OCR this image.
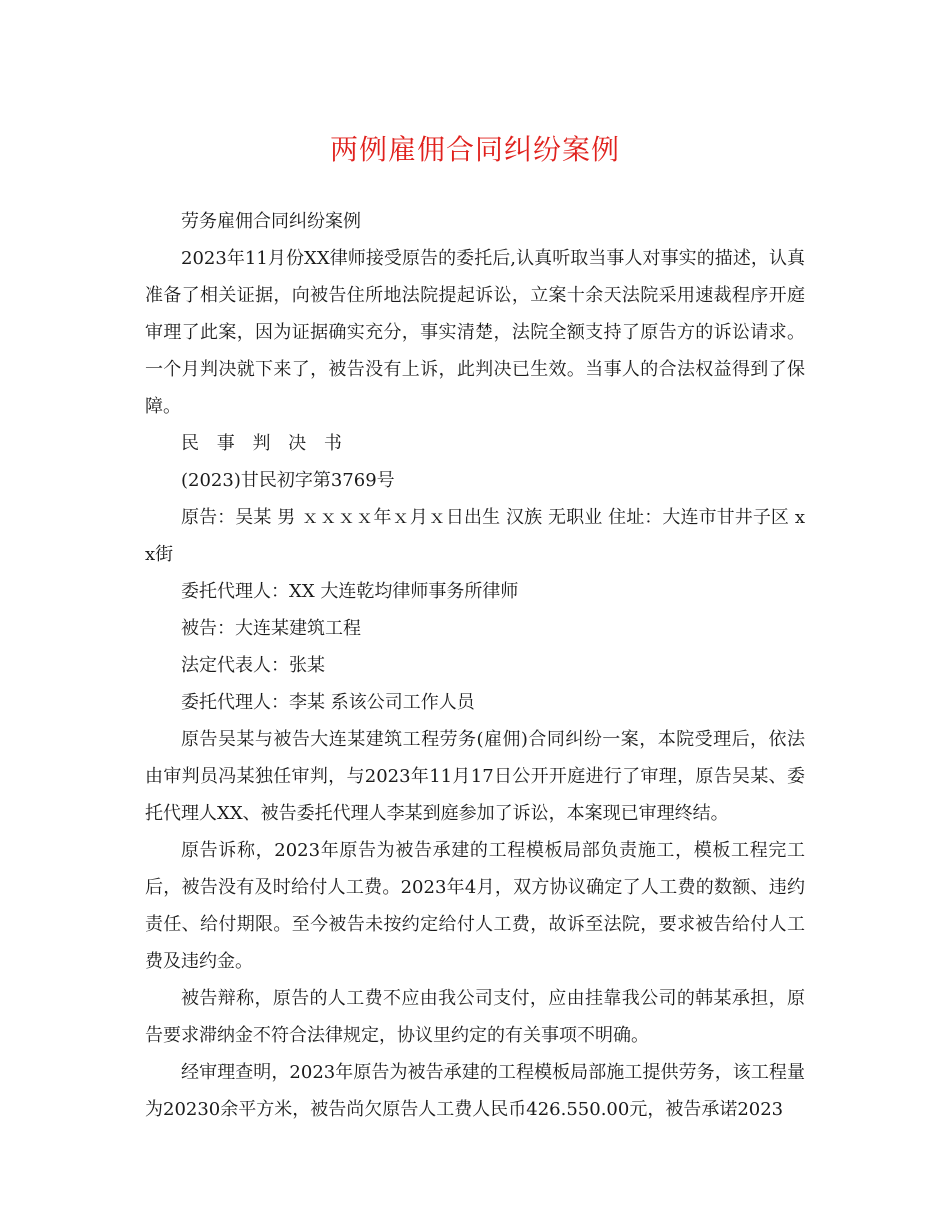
两例雇佣合同纠纷案例

劳务雇佣合同纠纷案例

2023年11月份XX律师接受原告的委托后,认真听取当事人对事实的描述，认真准备了相关证据，向被告住所地法院提起诉讼，立案十余天法院采用速裁程序开庭审理了此案，因为证据确实充分，事实清楚，法院全额支持了原告方的诉讼请求。一个月判决就下来了，被告没有上诉，此判决已生效。当事人的合法权益得到了保障。

民 事 判 决 书

(2023)甘民初字第3769号

原告：吴某 男 ｘｘｘｘ年ｘ月ｘ日出生 汉族 无职业 住址：大连市甘井子区 xx街

委托代理人：XX 大连乾均律师事务所律师

被告：大连某建筑工程

法定代表人：张某

委托代理人：李某 系该公司工作人员

原告吴某与被告大连某建筑工程劳务(雇佣)合同纠纷一案，本院受理后，依法由审判员冯某独任审判，与2023年11月17日公开开庭进行了审理，原告吴某、委托代理人XX、被告委托代理人李某到庭参加了诉讼，本案现已审理终结。

原告诉称，2023年原告为被告承建的工程模板局部负责施工，模板工程完工后，被告没有及时给付人工费。2023年4月，双方协议确定了人工费的数额、违约责任、给付期限。至今被告未按约定给付人工费，故诉至法院，要求被告给付人工费及违约金。

被告辩称，原告的人工费不应由我公司支付，应由挂靠我公司的韩某承担，原告要求滞纳金不符合法律规定，协议里约定的有关事项不明确。

经审理查明，2023年原告为被告承建的工程模板局部施工提供劳务，该工程量为20230余平方米，被告尚欠原告人工费人民币426.550.00元，被告承诺2023
